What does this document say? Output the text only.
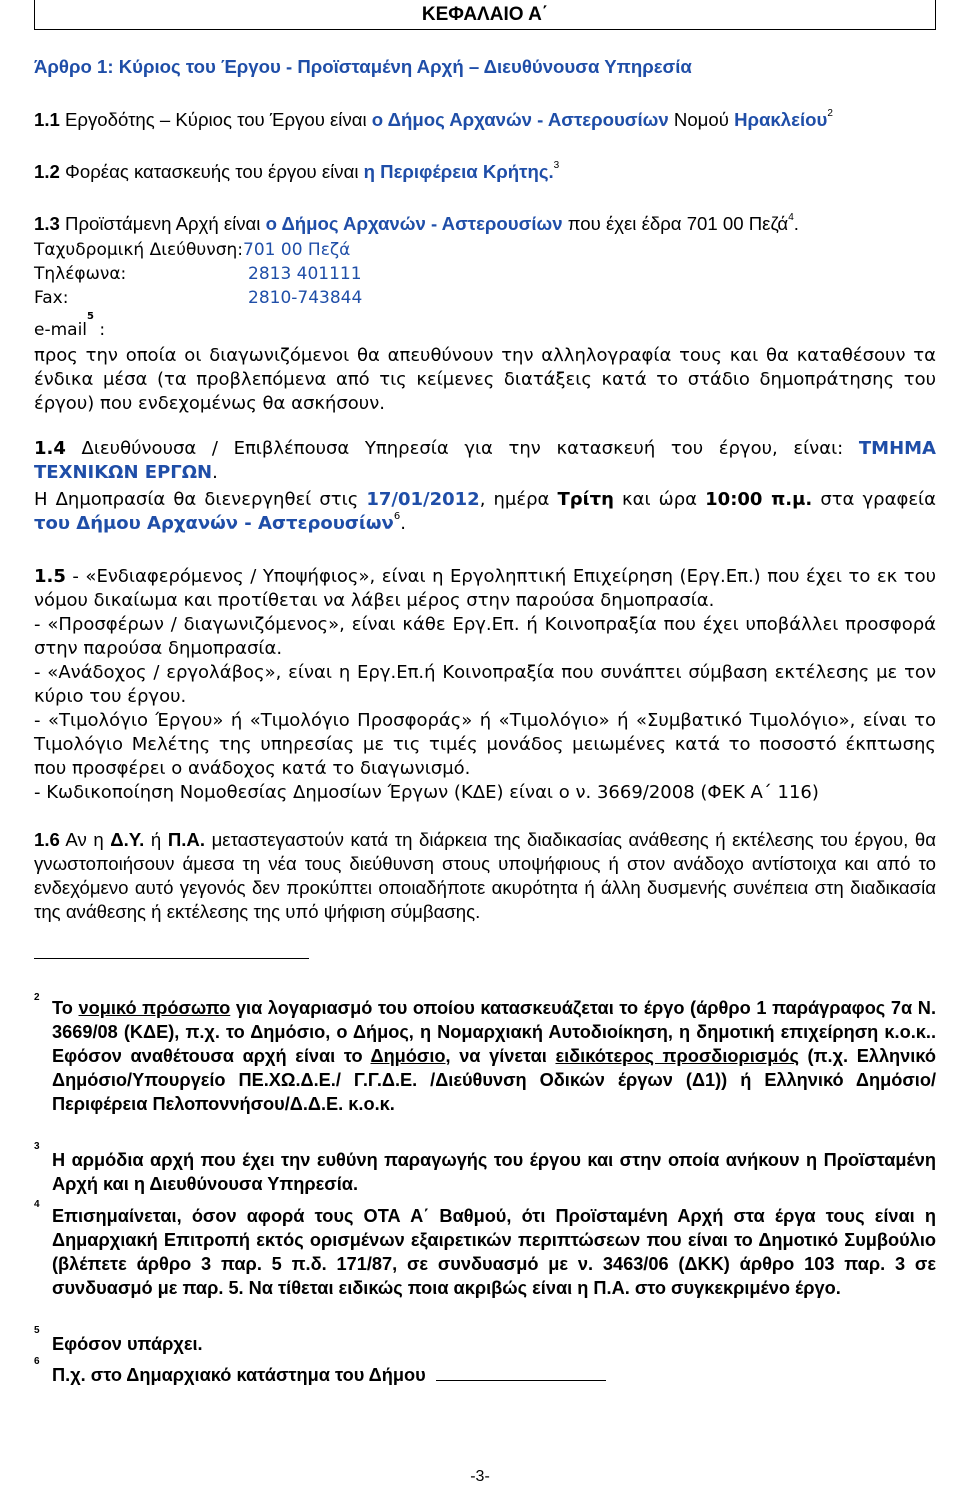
ΚΕΦΑΛΑΙΟ Α΄
Άρθρο 1: Κύριος του Έργου - Προϊσταμένη Αρχή – Διευθύνουσα Υπηρεσία
1.1 Εργοδότης – Κύριος του Έργου είναι ο Δήμος Αρχανών - Αστερουσίων Νομού Ηρακλείου$^2$
1.2 Φορέας κατασκευής του έργου είναι η Περιφέρεια Κρήτης.$^3$
1.3 Προϊστάμενη Αρχή είναι ο Δήμος Αρχανών - Αστερουσίων που έχει έδρα 701 00 Πεζά$^4$.
Ταχυδρομική Διεύθυνση:701 00 Πεζά
Τηλέφωνα:	2813 401111
Fax:	2810-743844
e-mail$^5$ :
προς την οποία οι διαγωνιζόμενοι θα απευθύνουν την αλληλογραφία τους και θα καταθέσουν τα ένδικα μέσα (τα προβλεπόμενα από τις κείμενες διατάξεις κατά το στάδιο δημοπράτησης του έργου) που ενδεχομένως θα ασκήσουν.
1.4 Διευθύνουσα / Επιβλέπουσα Υπηρεσία για την κατασκευή του έργου, είναι: ΤΜΗΜΑ ΤΕΧΝΙΚΩΝ ΕΡΓΩΝ.
Η Δημοπρασία θα διενεργηθεί στις 17/01/2012, ημέρα Τρίτη και ώρα 10:00 π.μ. στα γραφεία του Δήμου Αρχανών - Αστερουσίων$^6$.
1.5 - «Ενδιαφερόμενος / Υποψήφιος», είναι η Εργοληπτική Επιχείρηση (Εργ.Επ.) που έχει το εκ του νόμου δικαίωμα και προτίθεται να λάβει μέρος στην παρούσα δημοπρασία.
- «Προσφέρων / διαγωνιζόμενος», είναι κάθε Εργ.Επ. ή Κοινοπραξία που έχει υποβάλλει προσφορά στην παρούσα δημοπρασία.
- «Ανάδοχος / εργολάβος», είναι η Εργ.Επ.ή Κοινοπραξία που συνάπτει σύμβαση εκτέλεσης με τον κύριο του έργου.
- «Τιμολόγιο Έργου» ή «Τιμολόγιο Προσφοράς» ή «Τιμολόγιο» ή «Συμβατικό Τιμολόγιο», είναι το Τιμολόγιο Μελέτης της υπηρεσίας με τις τιμές μονάδος μειωμένες κατά το ποσοστό έκπτωσης που προσφέρει ο ανάδοχος κατά το διαγωνισμό.
- Κωδικοποίηση Νομοθεσίας Δημοσίων Έργων (ΚΔΕ) είναι ο ν. 3669/2008 (ΦΕΚ Α΄ 116)
1.6 Αν η Δ.Υ. ή Π.Α. μεταστεγαστούν κατά τη διάρκεια της διαδικασίας ανάθεσης ή εκτέλεσης του έργου, θα γνωστοποιήσουν άμεσα τη νέα τους διεύθυνση στους υποψήφιους ή στον ανάδοχο αντίστοιχα και από το ενδεχόμενο αυτό γεγονός δεν προκύπτει οποιαδήποτε ακυρότητα ή άλλη δυσμενής συνέπεια στη διαδικασία της ανάθεσης ή εκτέλεσης της υπό ψήφιση σύμβασης.
2
Το νομικό πρόσωπο για λογαριασμό του οποίου κατασκευάζεται το έργο (άρθρο 1 παράγραφος 7α Ν. 3669/08 (ΚΔΕ), π.χ. το Δημόσιο, ο Δήμος, η Νομαρχιακή Αυτοδιοίκηση, η δημοτική επιχείρηση κ.ο.κ.. Εφόσον αναθέτουσα αρχή είναι το Δημόσιο, να γίνεται ειδικότερος προσδιορισμός (π.χ. Ελληνικό Δημόσιο/Υπουργείο ΠΕ.ΧΩ.Δ.Ε./ Γ.Γ.Δ.Ε. /Διεύθυνση Οδικών έργων (Δ1)) ή Ελληνικό Δημόσιο/Περιφέρεια Πελοποννήσου/Δ.Δ.Ε. κ.ο.κ.
3
Η αρμόδια αρχή που έχει την ευθύνη παραγωγής του έργου και στην οποία ανήκουν η Προϊσταμένη Αρχή και η Διευθύνουσα Υπηρεσία.
4
Επισημαίνεται, όσον αφορά τους ΟΤΑ Α΄ Βαθμού, ότι Προϊσταμένη Αρχή στα έργα τους είναι η Δημαρχιακή Επιτροπή εκτός ορισμένων εξαιρετικών περιπτώσεων που είναι το Δημοτικό Συμβούλιο (βλέπετε άρθρο 3 παρ. 5 π.δ. 171/87, σε συνδυασμό με ν. 3463/06 (ΔΚΚ) άρθρο 103 παρ. 3 σε συνδυασμό με παρ. 5. Να τίθεται ειδικώς ποια ακριβώς είναι η Π.Α. στο συγκεκριμένο έργο.
5
Εφόσον υπάρχει.
6
Π.χ. στο Δημαρχιακό κατάστημα του Δήμου
-3-
